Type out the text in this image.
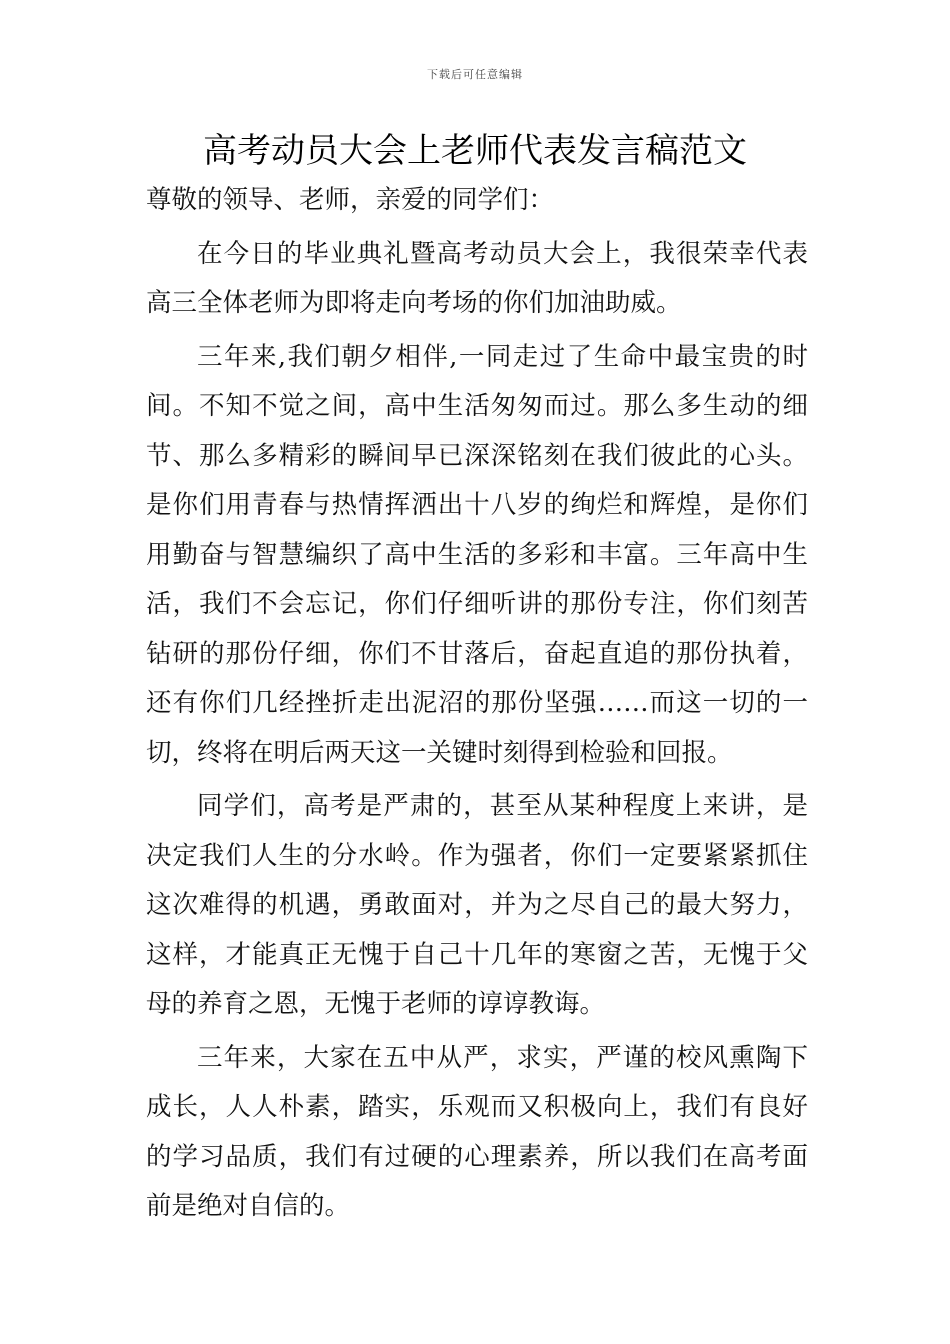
下载后可任意编辑
高考动员大会上老师代表发言稿范文

尊敬的领导、老师，亲爱的同学们：

在今日的毕业典礼暨高考动员大会上，我很荣幸代表高三全体老师为即将走向考场的你们加油助威。

三年来,我们朝夕相伴,一同走过了生命中最宝贵的时间。不知不觉之间，高中生活匆匆而过。那么多生动的细节、那么多精彩的瞬间早已深深铭刻在我们彼此的心头。是你们用青春与热情挥洒出十八岁的绚烂和辉煌，是你们用勤奋与智慧编织了高中生活的多彩和丰富。三年高中生活，我们不会忘记，你们仔细听讲的那份专注，你们刻苦钻研的那份仔细，你们不甘落后，奋起直追的那份执着，还有你们几经挫折走出泥沼的那份坚强……而这一切的一切，终将在明后两天这一关键时刻得到检验和回报。

同学们，高考是严肃的，甚至从某种程度上来讲，是决定我们人生的分水岭。作为强者，你们一定要紧紧抓住这次难得的机遇，勇敢面对，并为之尽自己的最大努力，这样，才能真正无愧于自己十几年的寒窗之苦，无愧于父母的养育之恩，无愧于老师的谆谆教诲。

三年来，大家在五中从严，求实，严谨的校风熏陶下成长，人人朴素，踏实，乐观而又积极向上，我们有良好的学习品质，我们有过硬的心理素养，所以我们在高考面前是绝对自信的。
